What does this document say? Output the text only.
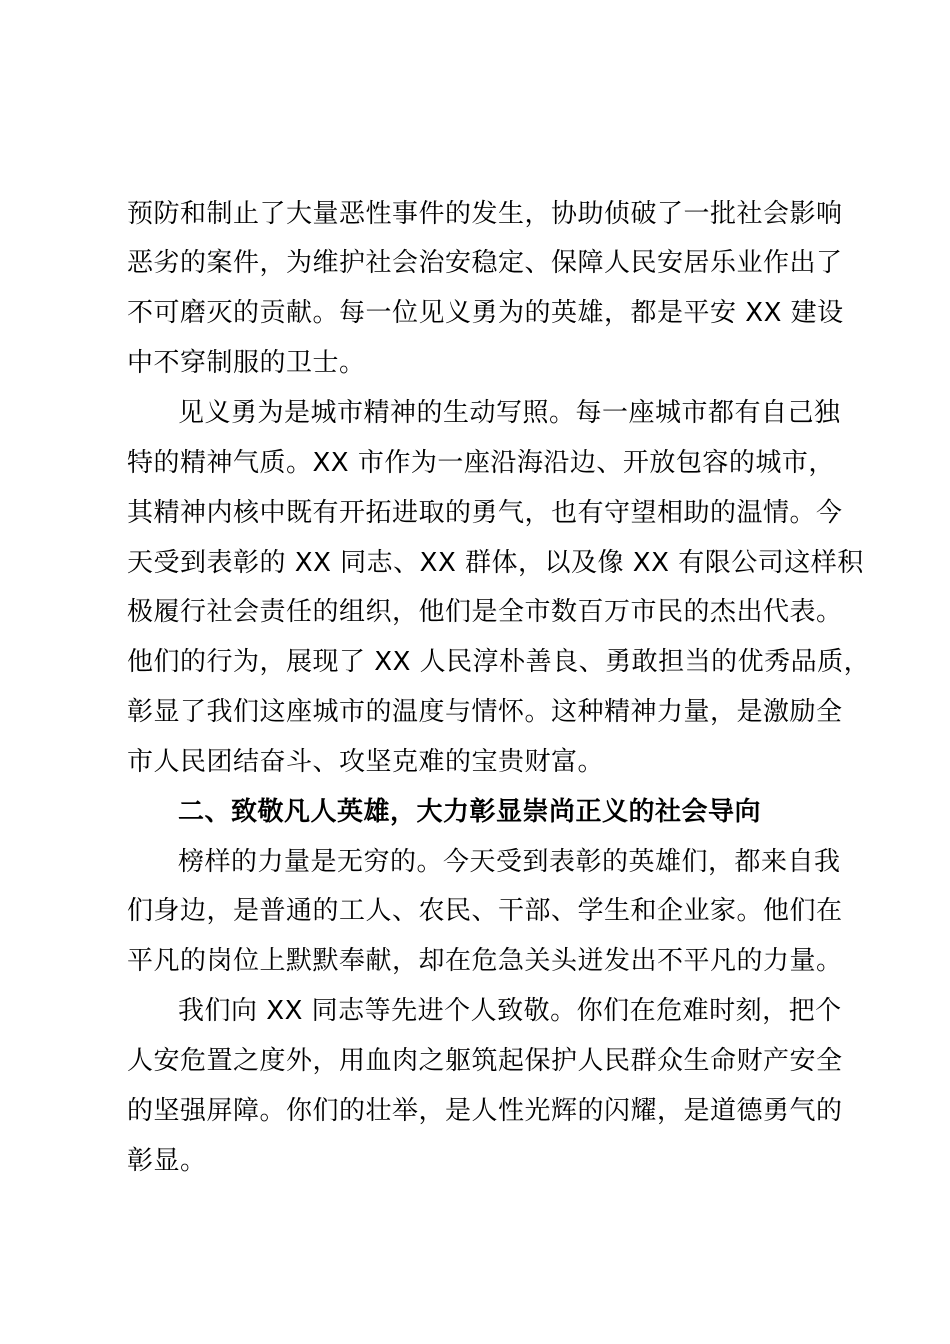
预防和制止了大量恶性事件的发生，协助侦破了一批社会影响
恶劣的案件，为维护社会治安稳定、保障人民安居乐业作出了
不可磨灭的贡献。每一位见义勇为的英雄，都是平安 XX 建设
中不穿制服的卫士。
见义勇为是城市精神的生动写照。每一座城市都有自己独
特的精神气质。XX 市作为一座沿海沿边、开放包容的城市，
其精神内核中既有开拓进取的勇气，也有守望相助的温情。今
天受到表彰的 XX 同志、XX 群体，以及像 XX 有限公司这样积
极履行社会责任的组织，他们是全市数百万市民的杰出代表。
他们的行为，展现了 XX 人民淳朴善良、勇敢担当的优秀品质，
彰显了我们这座城市的温度与情怀。这种精神力量，是激励全
市人民团结奋斗、攻坚克难的宝贵财富。
二、致敬凡人英雄，大力彰显崇尚正义的社会导向
榜样的力量是无穷的。今天受到表彰的英雄们，都来自我
们身边，是普通的工人、农民、干部、学生和企业家。他们在
平凡的岗位上默默奉献，却在危急关头迸发出不平凡的力量。
我们向 XX 同志等先进个人致敬。你们在危难时刻，把个
人安危置之度外，用血肉之躯筑起保护人民群众生命财产安全
的坚强屏障。你们的壮举，是人性光辉的闪耀，是道德勇气的
彰显。
